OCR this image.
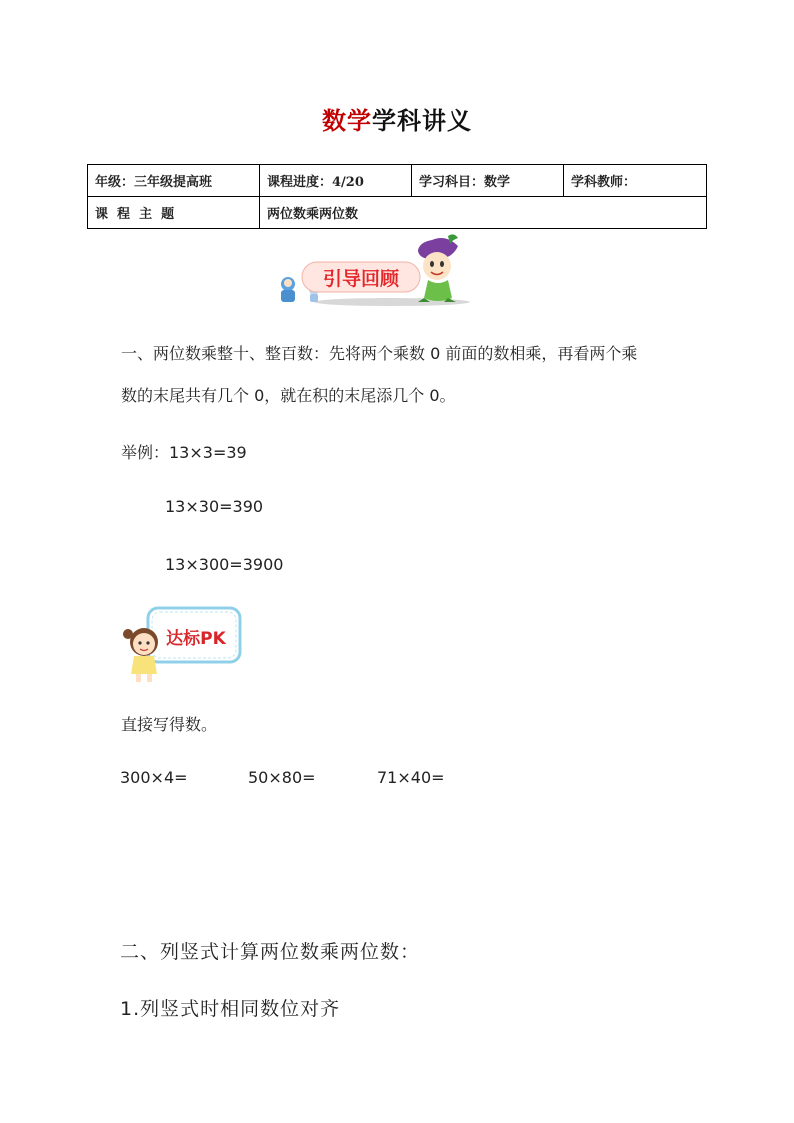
数学学科讲义
年级：三年级提高班	课程进度：4/20	学习科目：数学	学科教师：
课  程  主  题	两位数乘两位数		
引导回顾
一、两位数乘整十、整百数：先将两个乘数 0 前面的数相乘，再看两个乘
数的末尾共有几个 0，就在积的末尾添几个 0。
举例：13×3=39
13×30=390
13×300=3900
达标PK
直接写得数。
300×4=	50×80=	71×40=
二、列竖式计算两位数乘两位数：
1.列竖式时相同数位对齐
